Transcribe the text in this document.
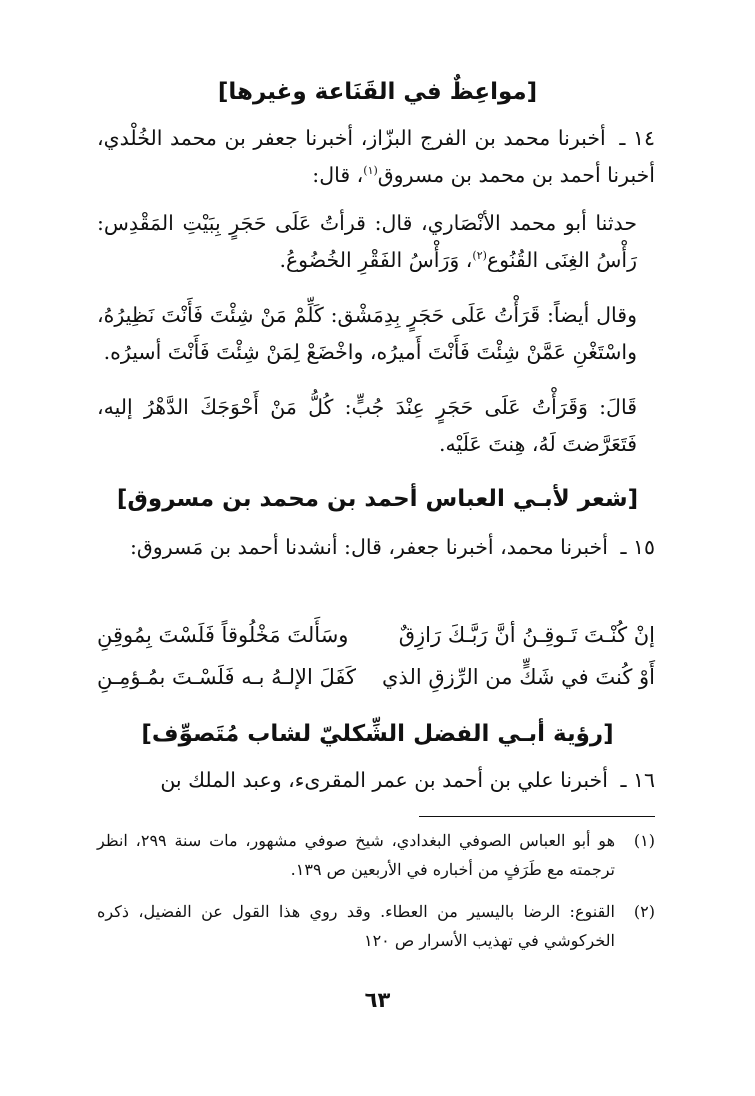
[مواعِظٌ في القَنَاعة وغيرها]
١٤ ـ أخبرنا محمد بن الفرج البزّاز، أخبرنا جعفر بن محمد الخُلْدي، أخبرنا أحمد بن محمد بن مسروق$^{(١)}$، قال:
حدثنا أبو محمد الأنْصَاري، قال: قرأتُ عَلَى حَجَرٍ بِبَيْتِ المَقْدِس: رَأْسُ الغِنَى القُنُوع$^{(٢)}$، وَرَأْسُ الفَقْرِ الخُضُوعُ.
وقال أيضاً: قَرَأْتُ عَلَى حَجَرٍ بِدِمَشْق: كَلِّمْ مَنْ شِئْتَ فَأَنْتَ نَظِيرُهُ، واسْتَغْنِ عَمَّنْ شِئْتَ فَأَنْتَ أَميرُه، واخْضَعْ لِمَنْ شِئْتَ فَأَنْتَ أسيرُه.
قَالَ: وَقَرَأْتُ عَلَى حَجَرٍ عِنْدَ جُبٍّ: كُلُّ مَنْ أَحْوَجَكَ الدَّهْرُ إليه، فَتَعَرَّضتَ لَهُ، هِنتَ عَلَيْه.
[شعر لأبـي العباس أحمد بن محمد بن مسروق]
١٥ ـ أخبرنا محمد، أخبرنا جعفر، قال: أنشدنا أحمد بن مَسروق:
إنْ كُنْـتَ تَـوقِـنُ أنَّ رَبَّـكَ رَازِقٌ
وسَأَلتَ مَخْلُوقاً فَلَسْتَ بِمُوقِنِ
أَوْ كُنتَ في شَكٍّ من الرِّزقِ الذي
كَفَلَ الإلـهُ بـه فَلَسْـتَ بمُـؤمِـنِ
[رؤية أبـي الفضل الشِّكليّ لشاب مُتَصوِّف]
١٦ ـ أخبرنا علي بن أحمد بن عمر المقرىء، وعبد الملك بن
(١)
هو أبو العباس الصوفي البغدادي، شيخ صوفي مشهور، مات سنة ٢٩٩، انظر ترجمته مع طَرَفٍ من أخباره في الأربعين ص ١٣٩.
(٢)
القنوع: الرضا باليسير من العطاء. وقد روي هذا القول عن الفضيل، ذكره الخركوشي في تهذيب الأسرار ص ١٢٠
٦٣
